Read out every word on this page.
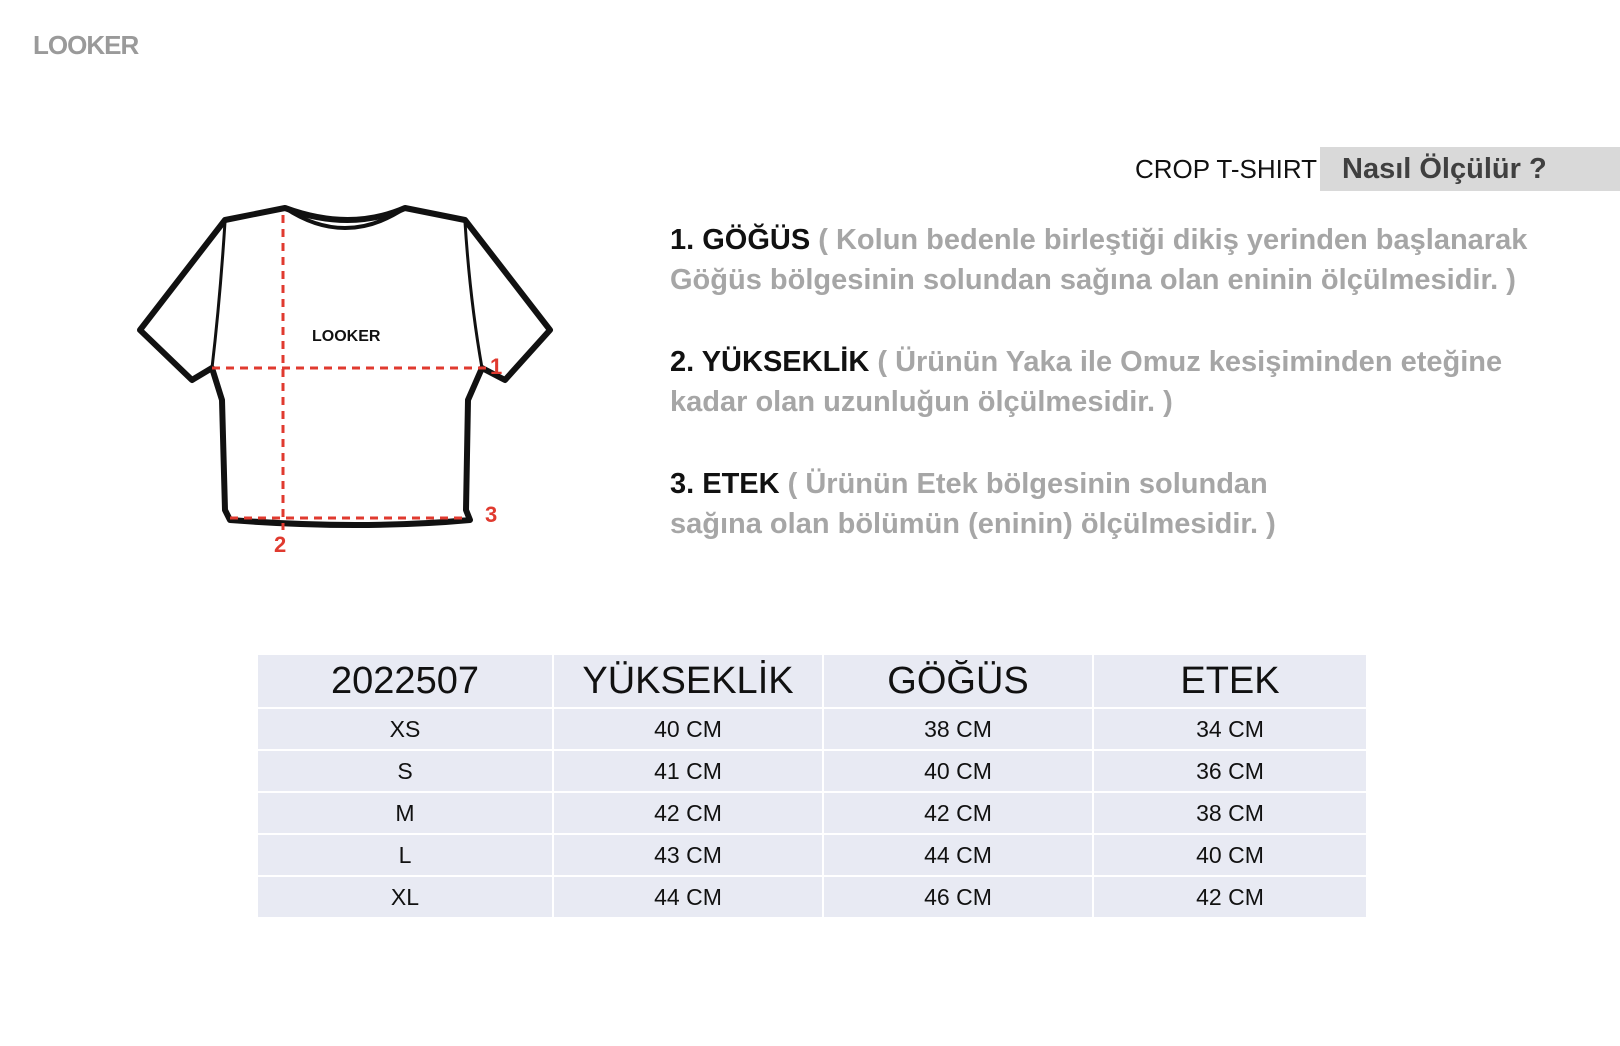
LOOKER
CROP T-SHIRT Nasıl Ölçülür ?
LOOKER
1
2
3
1. GÖĞÜS ( Kolun bedenle birleştiği dikiş yerinden başlanarak
Göğüs bölgesinin solundan sağına olan eninin ölçülmesidir. )
2. YÜKSEKLİK ( Ürünün Yaka ile Omuz kesişiminden eteğine
kadar olan uzunluğun ölçülmesidir. )
3. ETEK ( Ürünün Etek bölgesinin solundan
sağına olan bölümün (eninin) ölçülmesidir. )
2022507	YÜKSEKLİK	GÖĞÜS	ETEK
XS	40 CM	38 CM	34 CM
S	41 CM	40 CM	36 CM
M	42 CM	42 CM	38 CM
L	43 CM	44 CM	40 CM
XL	44 CM	46 CM	42 CM
